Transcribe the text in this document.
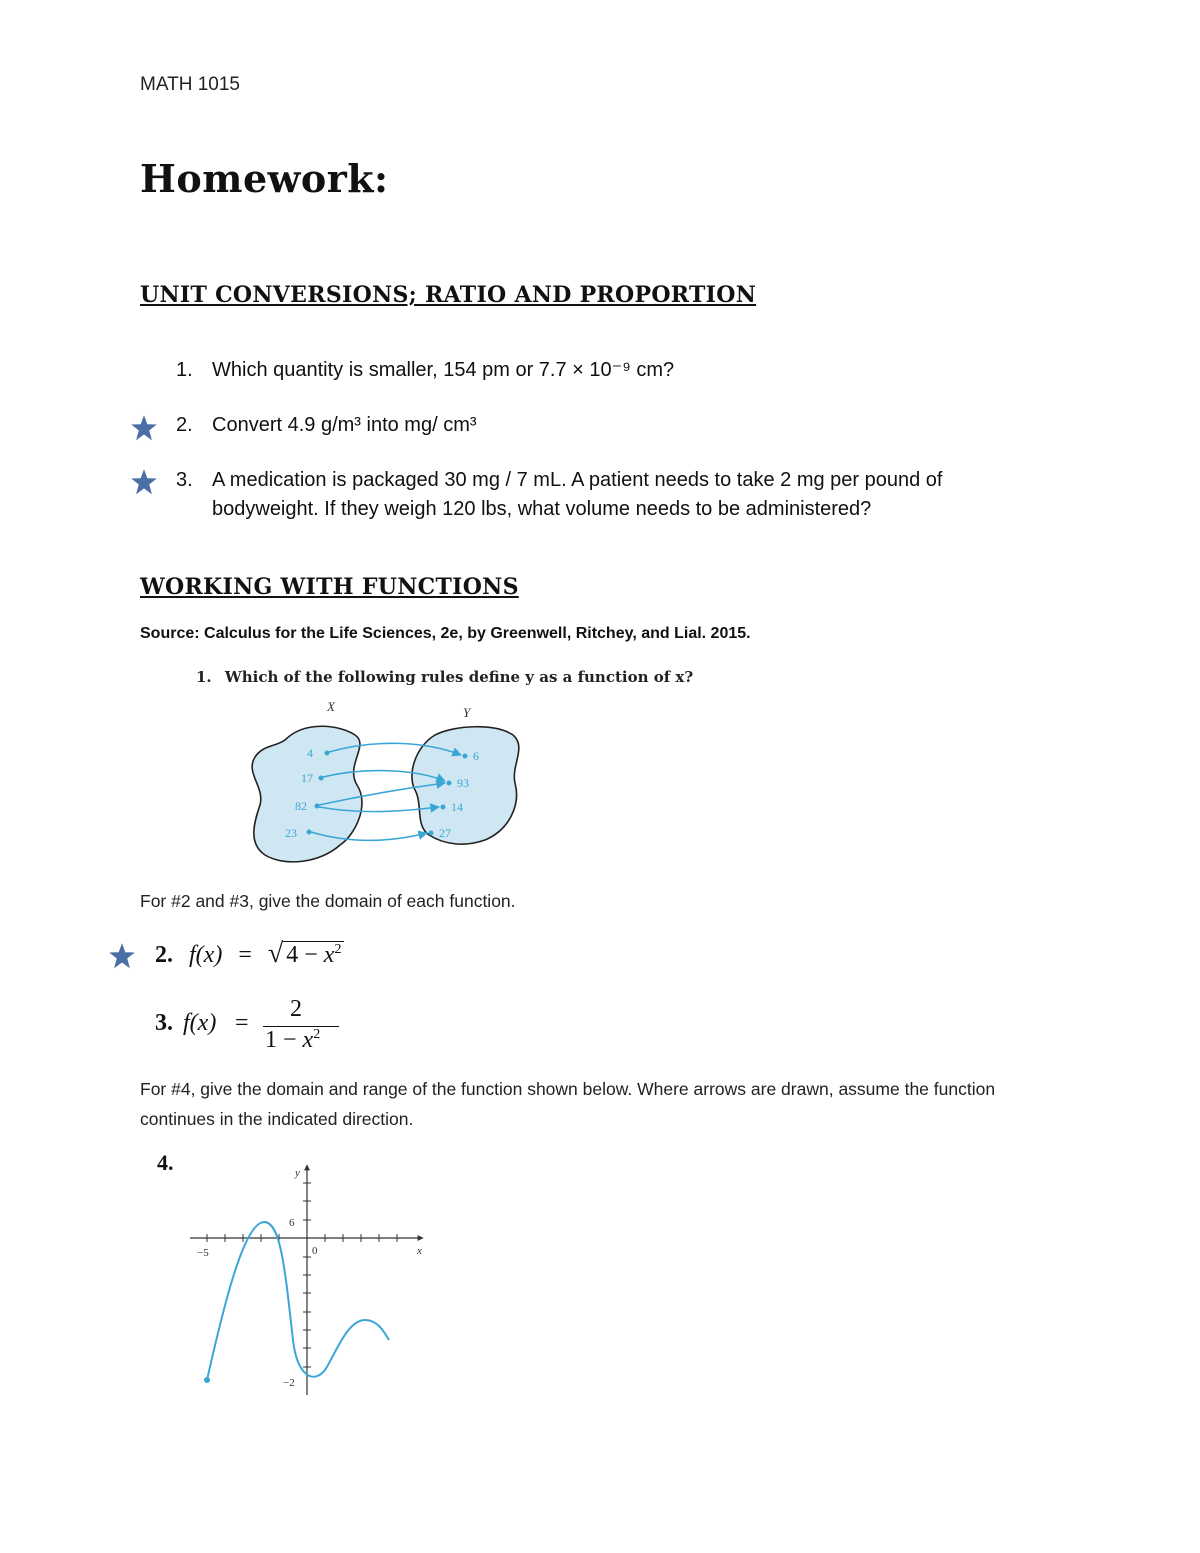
MATH 1015
Homework:
UNIT CONVERSIONS; RATIO AND PROPORTION
1. Which quantity is smaller, 154 pm or 7.7 × 10⁻⁹ cm?
2. Convert 4.9 g/m³ into mg/ cm³
3. A medication is packaged 30 mg / 7 mL. A patient needs to take 2 mg per pound of bodyweight. If they weigh 120 lbs, what volume needs to be administered?
WORKING WITH FUNCTIONS
Source: Calculus for the Life Sciences, 2e, by Greenwell, Ritchey, and Lial. 2015.
1. Which of the following rules define y as a function of x?
X	Y
4
17
82
23
6
93
14
27
For #2 and #3, give the domain of each function.
2. f(x) = √ $4 - x^2$
3. f(x) =
2
$1 - x^2$
For #4, give the domain and range of the function shown below. Where arrows are drawn, assume the function continues in the indicated direction.
4.	y
x
6
−5	0
−2
